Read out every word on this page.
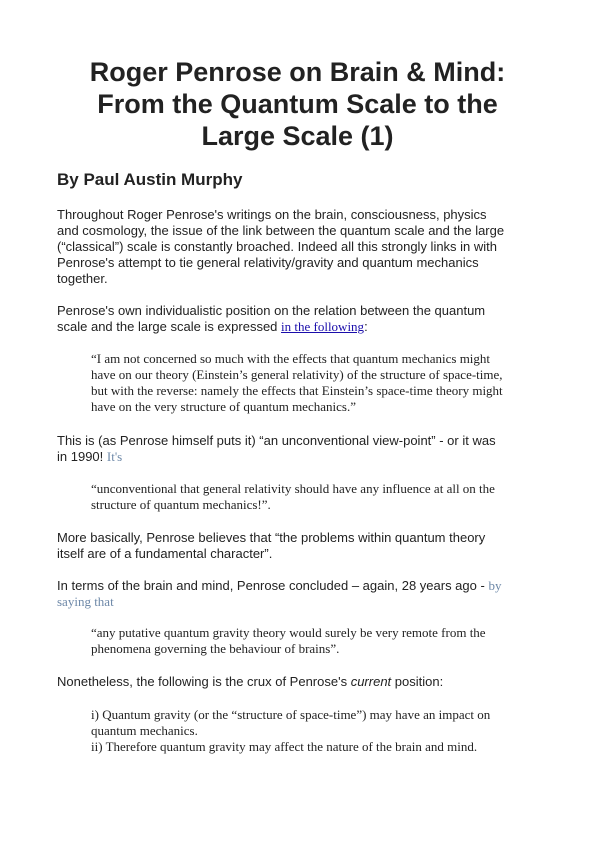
Roger Penrose on Brain & Mind:
From the Quantum Scale to the
Large Scale (1)

By Paul Austin Murphy

Throughout Roger Penrose's writings on the brain, consciousness, physics
and cosmology, the issue of the link between the quantum scale and the large
(“classical”) scale is constantly broached. Indeed all this strongly links in with
Penrose's attempt to tie general relativity/gravity and quantum mechanics
together.

Penrose's own individualistic position on the relation between the quantum
scale and the large scale is expressed in the following:

“I am not concerned so much with the effects that quantum mechanics might
have on our theory (Einstein’s general relativity) of the structure of space-time,
but with the reverse: namely the effects that Einstein’s space-time theory might
have on the very structure of quantum mechanics.”

This is (as Penrose himself puts it) “an unconventional view-point” - or it was
in 1990! It's

“unconventional that general relativity should have any influence at all on the
structure of quantum mechanics!”.

More basically, Penrose believes that “the problems within quantum theory
itself are of a fundamental character”.

In terms of the brain and mind, Penrose concluded – again, 28 years ago - by
saying that

“any putative quantum gravity theory would surely be very remote from the
phenomena governing the behaviour of brains”.

Nonetheless, the following is the crux of Penrose's current position:

i) Quantum gravity (or the “structure of space-time”) may have an impact on
quantum mechanics.
ii) Therefore quantum gravity may affect the nature of the brain and mind.
